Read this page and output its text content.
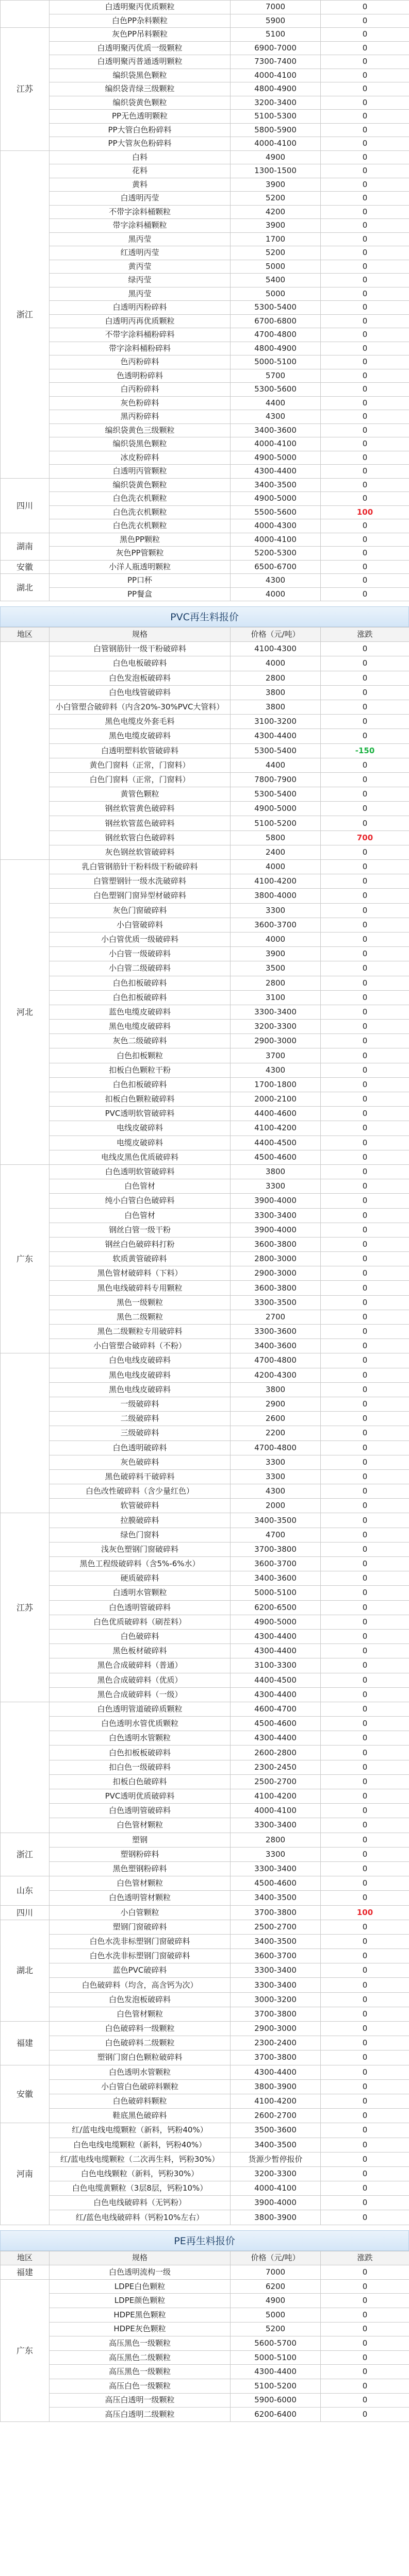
	白透明聚丙优质颗粒	7000	0
	白色PP杂料颗粒	5900	0
江苏	灰色PP吊料颗粒	5100	0
	白透明聚丙优质一级颗粒	6900-7000	0
	白透明聚丙普通透明颗粒	7300-7400	0
	编织袋黑色颗粒	4000-4100	0
	编织袋青绿三级颗粒	4800-4900	0
	编织袋黄色颗粒	3200-3400	0
	PP无色透明颗粒	5100-5300	0
	PP大管白色粉碎料	5800-5900	0
	PP大管灰色粉碎料	4000-4100	0
浙江	白料	4900	0
	花料	1300-1500	0
	黄料	3900	0
	白透明丙莹	5200	0
	不带字涂料桶颗粒	4200	0
	带字涂料桶颗粒	3900	0
	黑丙莹	1700	0
	红透明丙莹	5200	0
	黄丙莹	5000	0
	绿丙莹	5400	0
	黑丙莹	5000	0
	白透明丙粉碎料	5300-5400	0
	白透明丙再优质颗粒	6700-6800	0
	不带字涂料桶粉碎料	4700-4800	0
	带字涂料桶粉碎料	4800-4900	0
	色丙粉碎料	5000-5100	0
	色透明粉碎料	5700	0
	白丙粉碎料	5300-5600	0
	灰色粉碎料	4400	0
	黑丙粉碎料	4300	0
	编织袋黄色三级颗粒	3400-3600	0
	编织袋黑色颗粒	4000-4100	0
	冰皮粉碎料	4900-5000	0
	白透明丙管颗粒	4300-4400	0
四川	编织袋黄色颗粒	3400-3500	0
	白色洗衣机颗粒	4900-5000	0
	白色洗衣机颗粒	5500-5600	100
	白色洗衣机颗粒	4000-4300	0
湖南	黑色PP颗粒	4000-4100	0
	灰色PP管颗粒	5200-5300	0
安徽	小洋人瓶透明颗粒	6500-6700	0
湖北	PP口杯	4300	0
	PP餐盒	4000	0
PVC再生料报价
地区	规格	价格（元/吨）	涨跌
	白管钢筋针一级干粉破碎料	4100-4300	0
	白色电板破碎料	4000	0
	白色发泡板破碎料	2800	0
	白色电线管破碎料	3800	0
	小白管塑合破碎料（内含20%-30%PVC大管料）	3800	0
	黑色电缆皮外套毛料	3100-3200	0
	黑色电缆皮破碎料	4300-4400	0
	白透明塑料软管破碎料	5300-5400	-150
	黄色门窗料（正常，门窗料）	4400	0
	白色门窗料（正常，门窗料）	7800-7900	0
	黄管色颗粒	5300-5400	0
	钢丝软管黄色破碎料	4900-5000	0
	钢丝软管蓝色破碎料	5100-5200	0
	钢丝软管白色破碎料	5800	700
	灰色钢丝软管破碎料	2400	0
河北	乳白管钢筋针干粉料级干粉破碎料	4000	0
	白管塑钢针一级水洗破碎料	4100-4200	0
	白色塑钢门窗异型材破碎料	3800-4000	0
	灰色门窗破碎料	3300	0
	小白管破碎料	3600-3700	0
	小白管优质一级破碎料	4000	0
	小白管一级破碎料	3900	0
	小白管二级破碎料	3500	0
	白色扣板破碎料	2800	0
	白色扣板破碎料	3100	0
	蓝色电缆皮破碎料	3300-3400	0
	黑色电缆皮破碎料	3200-3300	0
	灰色二级破碎料	2900-3000	0
	白色扣板颗粒	3700	0
	扣板白色颗粒干粉	4300	0
	白色扣板破碎料	1700-1800	0
	扣板白色颗粒破碎料	2000-2100	0
	PVC透明软管破碎料	4400-4600	0
	电线皮破碎料	4100-4200	0
	电缆皮破碎料	4400-4500	0
	电线皮黑色优质破碎料	4500-4600	0
广东	白色透明软管破碎料	3800	0
	白色管材	3300	0
	纯小白管白色破碎料	3900-4000	0
	白色管材	3300-3400	0
	钢丝白管一级干粉	3900-4000	0
	钢丝白色破碎料打粉	3600-3800	0
	软质黄管破碎料	2800-3000	0
	黑色管材破碎料（下料）	2900-3000	0
	黑色电线破碎料专用颗粒	3600-3800	0
	黑色一级颗粒	3300-3500	0
	黑色二级颗粒	2700	0
	黑色二级颗粒专用破碎料	3300-3600	0
	小白管塑合破碎料（不粉）	3400-3600	0
	白色电线皮破碎料	4700-4800	0
	黑色电线皮破碎料	4200-4300	0
	黑色电线皮破碎料	3800	0
	一级破碎料	2900	0
	二级破碎料	2600	0
	三级破碎料	2200	0
	白色透明破碎料	4700-4800	0
	灰色破碎料	3300	0
	黑色破碎料干破碎料	3300	0
	白色改性破碎料（含少量红色）	4300	0
	软管破碎料	2000	0
江苏	拉膜破碎料	3400-3500	0
	绿色门窗料	4700	0
	浅灰色塑钢门窗破碎料	3700-3800	0
	黑色工程级破碎料（含5%-6%水）	3600-3700	0
	硬质破碎料	3400-3600	0
	白透明水管颗粒	5000-5100	0
	白色透明管破碎料	6200-6500	0
	白色优质破碎料（刷茬料）	4900-5000	0
	白色破碎料	4300-4400	0
	黑色板材破碎料	4300-4400	0
	黑色合成破碎料（普通）	3100-3300	0
	黑色合成破碎料（优质）	4400-4500	0
	黑色合成破碎料（一级）	4300-4400	0
	白色透明管道破碎质颗粒	4600-4700	0
	白色透明水管优质颗粒	4500-4600	0
	白色透明水管颗粒	4300-4400	0
	白色扣板板破碎料	2600-2800	0
	扣白色一级破碎料	2300-2450	0
	扣板白色破碎料	2500-2700	0
	PVC透明优质破碎料	4100-4200	0
	白色透明管破碎料	4000-4100	0
	白色管材颗粒	3300-3400	0
浙江	塑钢	2800	0
	塑钢粉碎料	3300	0
	黑色塑钢粉碎料	3300-3400	0
山东	白色管材颗粒	4500-4600	0
	白色透明管材颗粒	3400-3500	0
四川	小白管颗粒	3700-3800	100
湖北	塑钢门窗破碎料	2500-2700	0
	白色水洗非标塑钢门窗破碎料	3400-3500	0
	白色水洗非标塑钢门窗破碎料	3600-3700	0
	蓝色PVC破碎料	3300-3400	0
	白色破碎料（均含，高含钙为次）	3300-3400	0
	白色发泡板破碎料	3000-3200	0
	白色管材颗粒	3700-3800	0
福建	白色破碎料一级颗粒	2900-3000	0
	白色破碎料二级颗粒	2300-2400	0
	塑钢门窗白色颗粒破碎料	3700-3800	0
安徽	白色透明水管颗粒	4300-4400	0
	小白管白色破碎料颗粒	3800-3900	0
	白色破碎料颗粒	4100-4200	0
	鞋底黑色破碎料	2600-2700	0
河南	红/蓝电线电缆颗粒（新料，钙粉40%）	3500-3600	0
	白色电线电缆颗粒（新料，钙粉40%）	3400-3500	0
	红/蓝电线电缆颗粒（二次再生料，钙粉30%）	货源少暂停报价	0
	白色电线颗粒（新料，钙粉30%）	3200-3300	0
	白色电缆黄颗粒（3层8层，钙粉10%）	4000-4100	0
	白色电线破碎料（无钙粉）	3900-4000	0
	红/蓝色电线破碎料（钙粉10%左右）	3800-3900	0
PE再生料报价
地区	规格	价格（元/吨）	涨跌
福建	白色透明流构一级	7000	0
广东	LDPE白色颗粒	6200	0
	LDPE颜色颗粒	4900	0
	HDPE黑色颗粒	5000	0
	HDPE灰色颗粒	5200	0
	高压黑色一级颗粒	5600-5700	0
	高压黑色二级颗粒	5000-5100	0
	高压黑色一级颗粒	4300-4400	0
	高压白色一级颗粒	5100-5200	0
	高压白透明一级颗粒	5900-6000	0
	高压白透明二级颗粒	6200-6400	0
